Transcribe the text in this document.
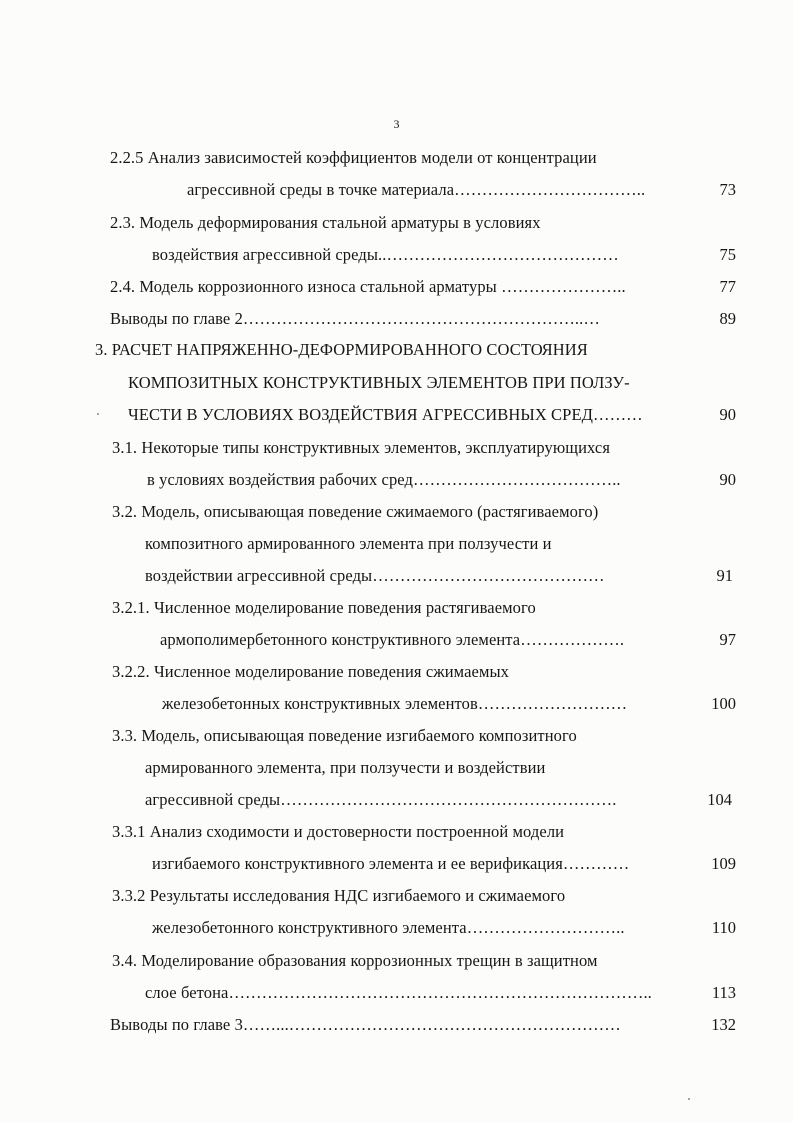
3
2.2.5 Анализ зависимостей коэффициентов модели от концентрации
агрессивной среды в точке материала……………………………..	73
2.3. Модель деформирования стальной арматуры в условиях
воздействия агрессивной среды..……………………………………	75
2.4. Модель коррозионного износа стальной арматуры …………………..	77
Выводы по главе 2……………………………………………………..…	89
3. РАСЧЕТ НАПРЯЖЕННО-ДЕФОРМИРОВАННОГО СОСТОЯНИЯ
КОМПОЗИТНЫХ КОНСТРУКТИВНЫХ ЭЛЕМЕНТОВ ПРИ ПОЛЗУ-
ЧЕСТИ В УСЛОВИЯХ ВОЗДЕЙСТВИЯ АГРЕССИВНЫХ СРЕД………	90
3.1. Некоторые типы конструктивных элементов, эксплуатирующихся
в условиях воздействия рабочих сред………………………………..	90
3.2. Модель, описывающая поведение сжимаемого (растягиваемого)
композитного армированного элемента при ползучести и
воздействии агрессивной среды……………………………………	91
3.2.1. Численное моделирование поведения растягиваемого
армополимербетонного конструктивного элемента……………….	97
3.2.2. Численное моделирование поведения сжимаемых
железобетонных конструктивных элементов………………………	100
3.3. Модель, описывающая поведение изгибаемого композитного
армированного элемента, при ползучести и воздействии
агрессивной среды…………………………………………………….	104
3.3.1 Анализ сходимости и достоверности построенной модели
изгибаемого конструктивного элемента и ее верификация…………	109
3.3.2 Результаты исследования НДС изгибаемого и сжимаемого
железобетонного конструктивного элемента………………………..	110
3.4. Моделирование образования коррозионных трещин в защитном
слое бетона…………………………………………………………………..	113
Выводы по главе 3……...……………………………………………………	132
